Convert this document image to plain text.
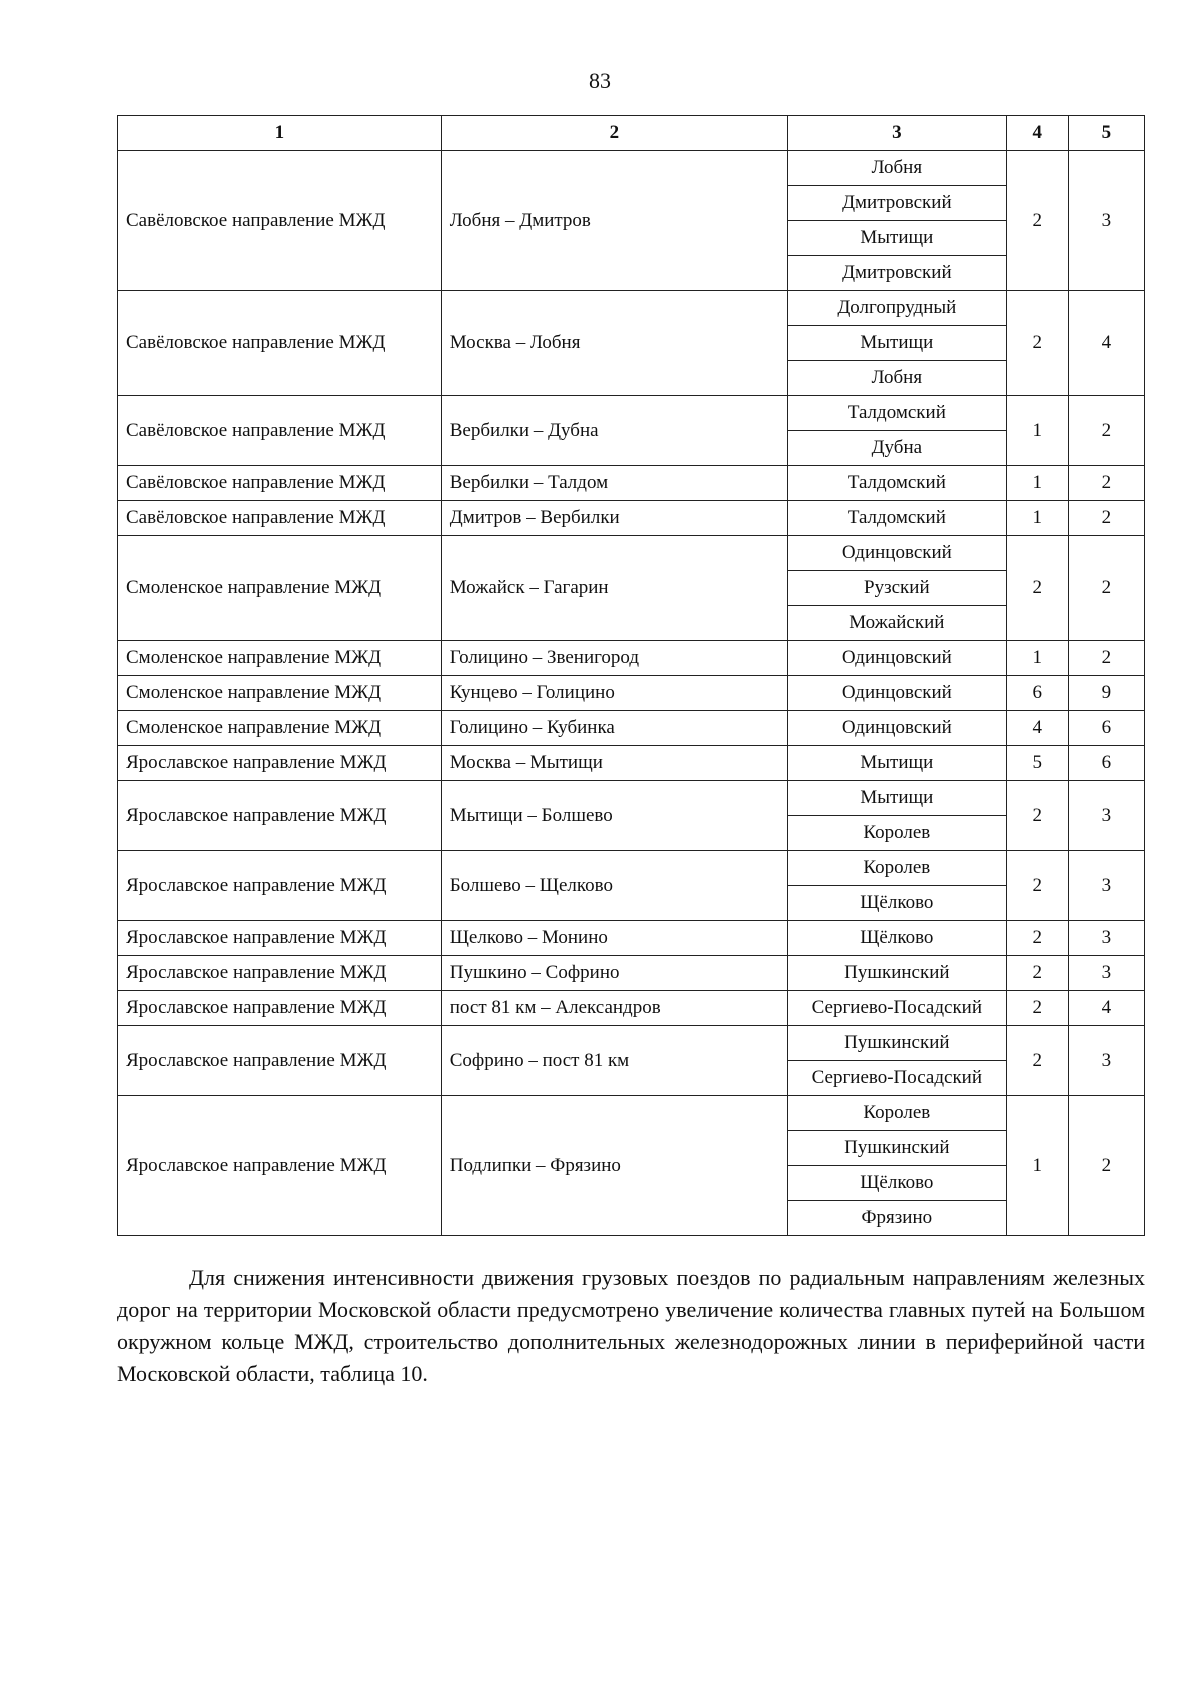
83
1	2	3	4	5
Савёловское направление МЖД	Лобня – Дмитров	Лобня	2	3
		Дмитровский		
		Мытищи		
		Дмитровский		
Савёловское направление МЖД	Москва – Лобня	Долгопрудный	2	4
		Мытищи		
		Лобня		
Савёловское направление МЖД	Вербилки – Дубна	Талдомский	1	2
		Дубна		
Савёловское направление МЖД	Вербилки – Талдом	Талдомский	1	2
Савёловское направление МЖД	Дмитров – Вербилки	Талдомский	1	2
Смоленское направление МЖД	Можайск – Гагарин	Одинцовский	2	2
		Рузский		
		Можайский		
Смоленское направление МЖД	Голицино – Звенигород	Одинцовский	1	2
Смоленское направление МЖД	Кунцево – Голицино	Одинцовский	6	9
Смоленское направление МЖД	Голицино – Кубинка	Одинцовский	4	6
Ярославское направление МЖД	Москва – Мытищи	Мытищи	5	6
Ярославское направление МЖД	Мытищи – Болшево	Мытищи	2	3
		Королев		
Ярославское направление МЖД	Болшево – Щелково	Королев	2	3
		Щёлково		
Ярославское направление МЖД	Щелково – Монино	Щёлково	2	3
Ярославское направление МЖД	Пушкино – Софрино	Пушкинский	2	3
Ярославское направление МЖД	пост 81 км – Александров	Сергиево-Посадский	2	4
Ярославское направление МЖД	Софрино – пост 81 км	Пушкинский	2	3
		Сергиево-Посадский		
Ярославское направление МЖД	Подлипки – Фрязино	Королев	1	2
		Пушкинский		
		Щёлково		
		Фрязино		
Для снижения интенсивности движения грузовых поездов по радиальным направлениям железных дорог на территории Московской области предусмотрено увеличение количества главных путей на Большом окружном кольце МЖД, строительство дополнительных железнодорожных линии в периферийной части Московской области, таблица 10.
